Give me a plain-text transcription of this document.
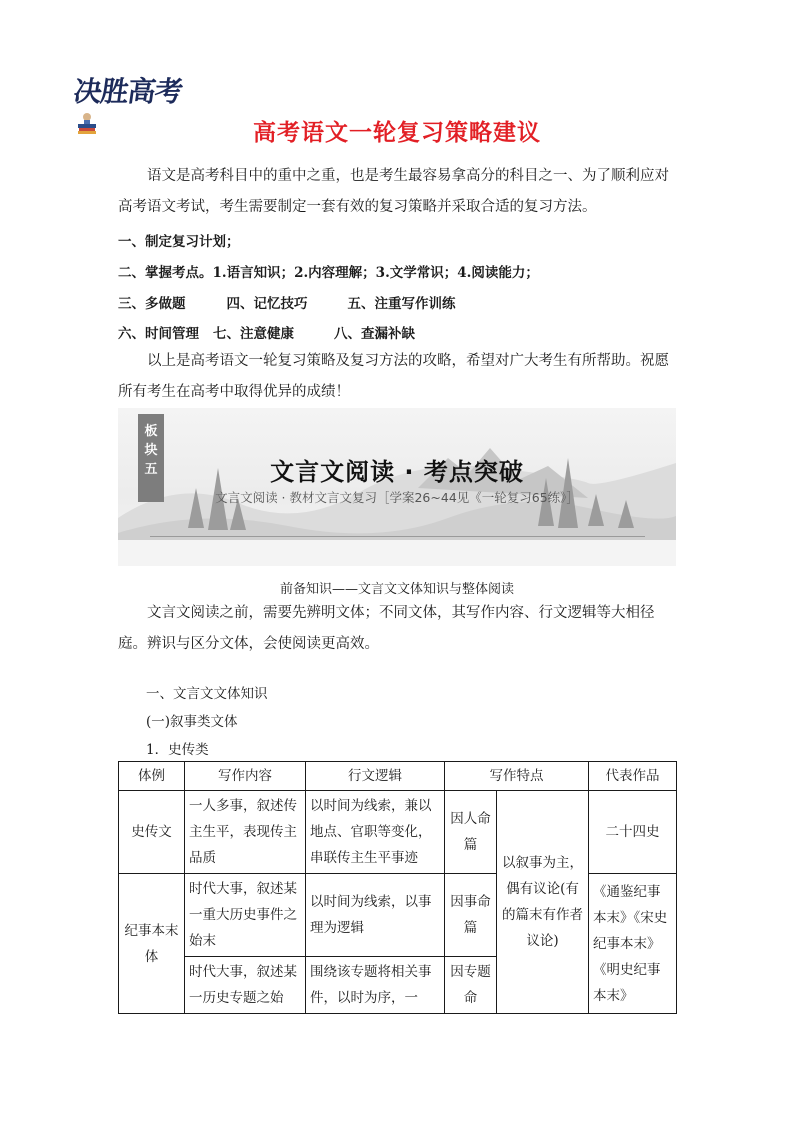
决胜高考
高考语文一轮复习策略建议

语文是高考科目中的重中之重，也是考生最容易拿高分的科目之一、为了顺利应对高考语文考试，考生需要制定一套有效的复习策略并采取合适的复习方法。

一、制定复习计划；
二、掌握考点。1.语言知识；2.内容理解；3.文学常识；4.阅读能力；
三、多做题	四、记忆技巧	五、注重写作训练
六、时间管理 七、注意健康	八、查漏补缺

以上是高考语文一轮复习策略及复习方法的攻略，希望对广大考生有所帮助。祝愿所有考生在高考中取得优异的成绩！

板
块
五	文言文阅读 · 考点突破
文言文阅读 · 教材文言文复习［学案26~44见《一轮复习65练》］
前备知识——文言文文体知识与整体阅读

文言文阅读之前，需要先辨明文体；不同文体，其写作内容、行文逻辑等大相径庭。辨识与区分文体，会使阅读更高效。

一、文言文文体知识
(一)叙事类文体
1．史传类
体例	写作内容	行文逻辑	写作特点		代表作品
史传文	一人多事，叙述传主生平，表现传主品质	以时间为线索，兼以地点、官职等变化，串联传主生平事迹	因人命篇	以叙事为主，偶有议论(有的篇末有作者议论)	二十四史
纪事本末体	时代大事，叙述某一重大历史事件之始末	以时间为线索，以事理为逻辑	因事命篇		《通鉴纪事本末》《宋史纪事本末》《明史纪事本末》
	时代大事，叙述某一历史专题之始	围绕该专题将相关事件，以时为序，一	因专题命		
